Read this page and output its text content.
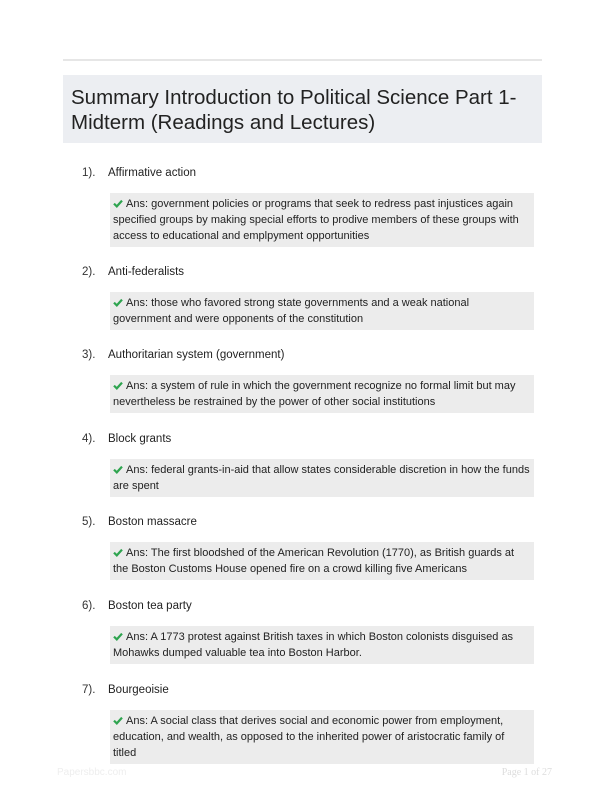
Summary Introduction to Political Science Part 1- Midterm (Readings and Lectures)
1). Affirmative action
Ans: government policies or programs that seek to redress past injustices again specified groups by making special efforts to prodive members of these groups with access to educational and emplpyment opportunities
2). Anti-federalists
Ans: those who favored strong state governments and a weak national government and were opponents of the constitution
3). Authoritarian system (government)
Ans: a system of rule in which the government recognize no formal limit but may nevertheless be restrained by the power of other social institutions
4). Block grants
Ans: federal grants-in-aid that allow states considerable discretion in how the funds are spent
5). Boston massacre
Ans: The first bloodshed of the American Revolution (1770), as British guards at the Boston Customs House opened fire on a crowd killing five Americans
6). Boston tea party
Ans: A 1773 protest against British taxes in which Boston colonists disguised as Mohawks dumped valuable tea into Boston Harbor.
7). Bourgeoisie
Ans: A social class that derives social and economic power from employment, education, and wealth, as opposed to the inherited power of aristocratic family of titled
Papersbbc.com	Page 1 of 27
